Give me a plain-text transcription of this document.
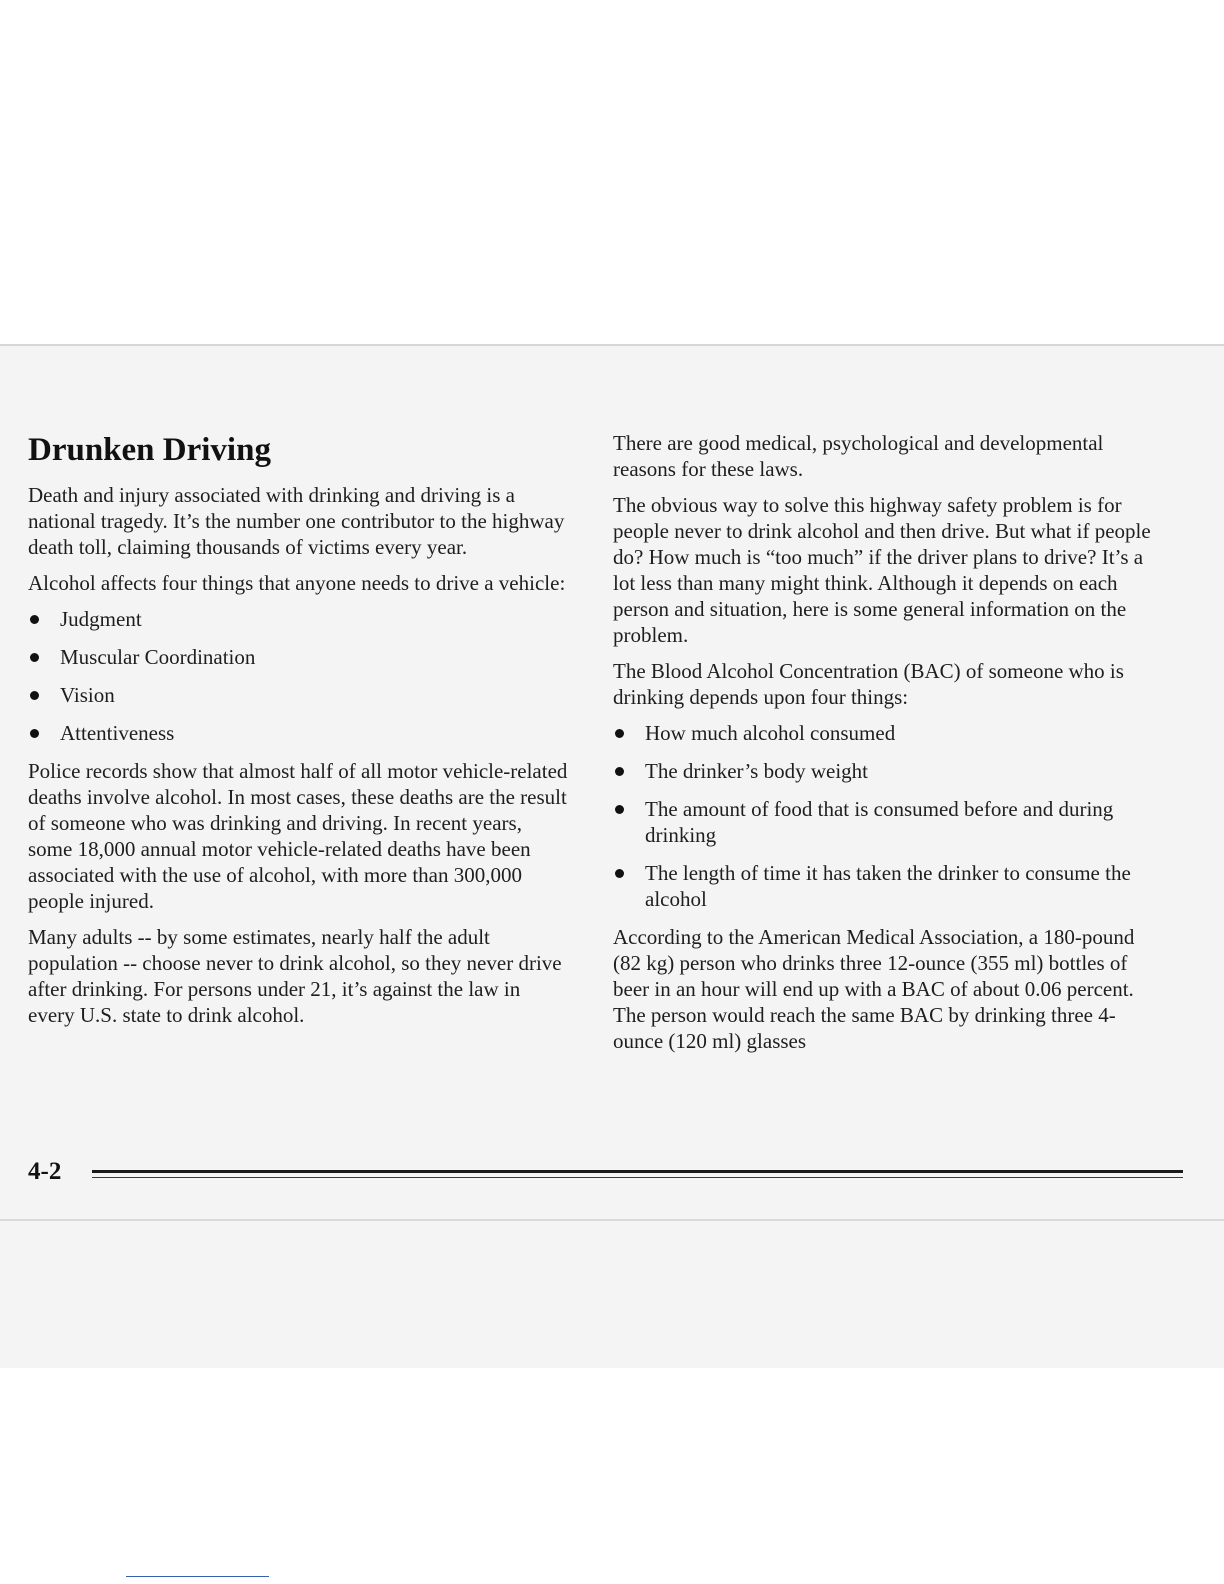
Drunken Driving

Death and injury associated with drinking and driving is a national tragedy. It’s the number one contributor to the highway death toll, claiming thousands of victims every year.

Alcohol affects four things that anyone needs to drive a vehicle:

Judgment
Muscular Coordination
Vision
Attentiveness

Police records show that almost half of all motor vehicle-related deaths involve alcohol. In most cases, these deaths are the result of someone who was drinking and driving. In recent years, some 18,000 annual motor vehicle-related deaths have been associated with the use of alcohol, with more than 300,000 people injured.

Many adults -- by some estimates, nearly half the adult population -- choose never to drink alcohol, so they never drive after drinking. For persons under 21, it’s against the law in every U.S. state to drink alcohol.

There are good medical, psychological and developmental reasons for these laws.

The obvious way to solve this highway safety problem is for people never to drink alcohol and then drive. But what if people do? How much is “too much” if the driver plans to drive? It’s a lot less than many might think. Although it depends on each person and situation, here is some general information on the problem.

The Blood Alcohol Concentration (BAC) of someone who is drinking depends upon four things:

How much alcohol consumed
The drinker’s body weight
The amount of food that is consumed before and during drinking
The length of time it has taken the drinker to consume the alcohol

According to the American Medical Association, a 180-pound (82 kg) person who drinks three 12-ounce (355 ml) bottles of beer in an hour will end up with a BAC of about 0.06 percent. The person would reach the same BAC by drinking three 4-ounce (120 ml) glasses

4-2
